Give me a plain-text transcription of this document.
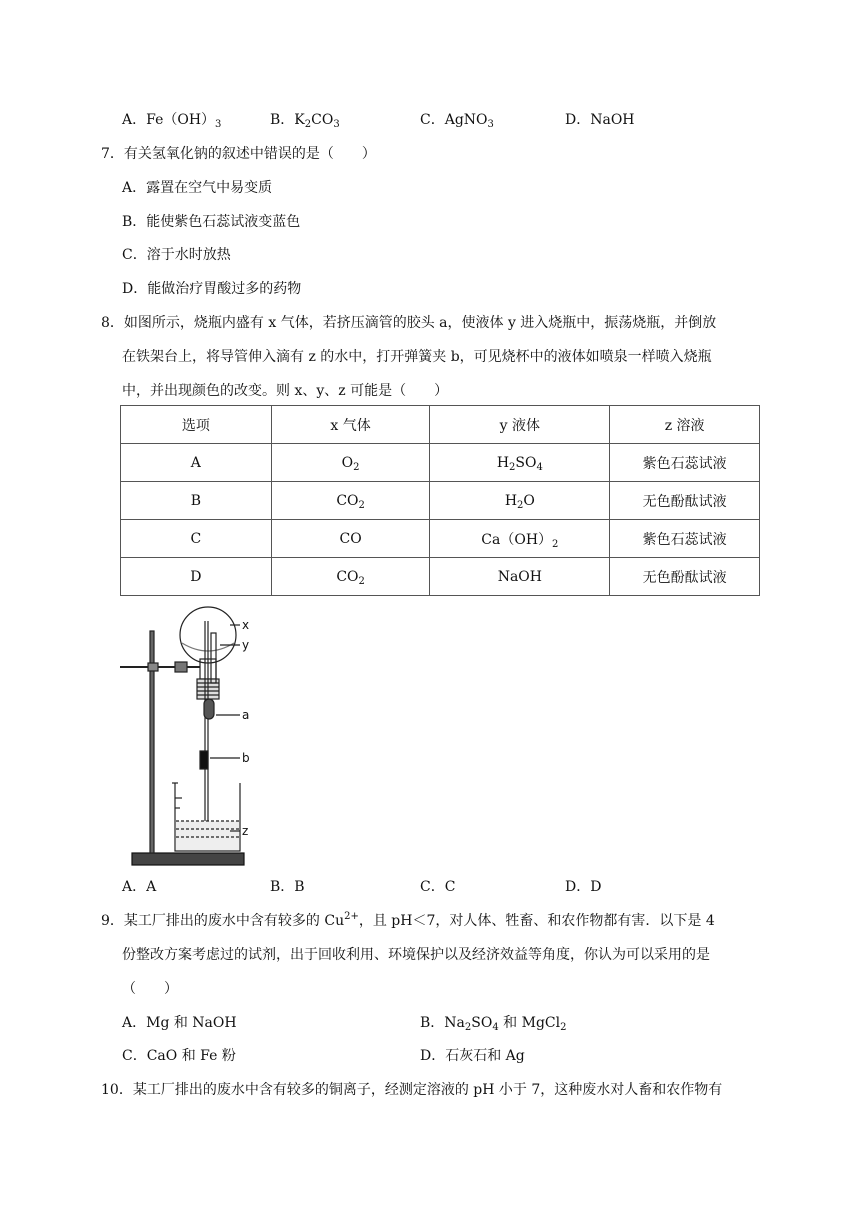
A．$Fe(OH)_3$	B．$K_2CO_3$	C．AgNO$_3$	D．NaOH
7．有关氢氧化钠的叙述中错误的是（　　）
A．露置在空气中易变质
B．能使紫色石蕊试液变蓝色
C．溶于水时放热
D．能做治疗胃酸过多的药物
8．如图所示，烧瓶内盛有 x 气体，若挤压滴管的胶头 a，使液体 y 进入烧瓶中，振荡烧瓶，并倒放
在铁架台上，将导管伸入滴有 z 的水中，打开弹簧夹 b，可见烧杯中的液体如喷泉一样喷入烧瓶
中，并出现颜色的改变。则 x、y、z 可能是（　　）
选项	x 气体	y 液体	z 溶液
A	$O_2$	$H_2SO_4$	紫色石蕊试液
B	$CO_2$	$H_2O$	无色酚酞试液
C	CO	$Ca(OH)_2$	紫色石蕊试液
D	$CO_2$	NaOH	无色酚酞试液
x
y
a
b
z
A．A	B．B	C．C	D．D
9．某工厂排出的废水中含有较多的 $Cu^{2+}$，且 pH＜7，对人体、牲畜、和农作物都有害．以下是 4
份整改方案考虑过的试剂，出于回收利用、环境保护以及经济效益等角度，你认为可以采用的是
（　　）
A．Mg 和 NaOH	B．$Na_2SO_4$ 和 MgCl$_2$
C．CaO 和 Fe 粉	D．石灰石和 Ag
10．某工厂排出的废水中含有较多的铜离子，经测定溶液的 pH 小于 7，这种废水对人畜和农作物有
